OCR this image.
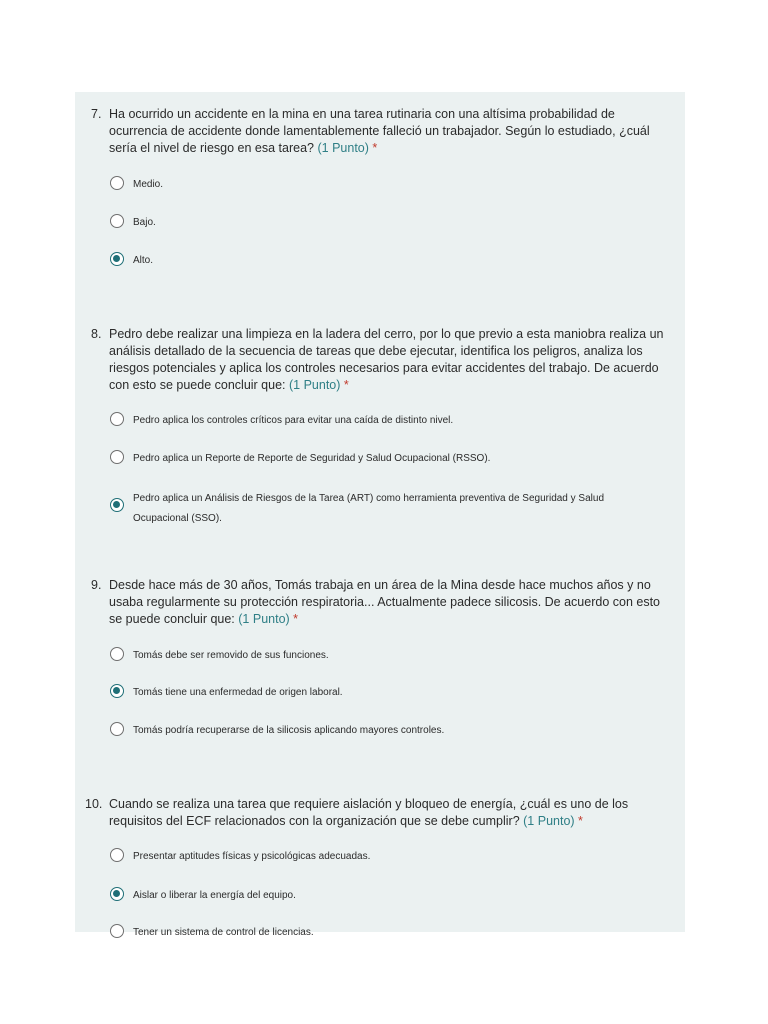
7. Ha ocurrido un accidente en la mina en una tarea rutinaria con una altísima probabilidad de ocurrencia de accidente donde lamentablemente falleció un trabajador. Según lo estudiado, ¿cuál sería el nivel de riesgo en esa tarea? (1 Punto) *
Medio.
Bajo.
Alto.
8. Pedro debe realizar una limpieza en la ladera del cerro, por lo que previo a esta maniobra realiza un análisis detallado de la secuencia de tareas que debe ejecutar, identifica los peligros, analiza los riesgos potenciales y aplica los controles necesarios para evitar accidentes del trabajo. De acuerdo con esto se puede concluir que: (1 Punto) *
Pedro aplica los controles críticos para evitar una caída de distinto nivel.
Pedro aplica un Reporte de Reporte de Seguridad y Salud Ocupacional (RSSO).
Pedro aplica un Análisis de Riesgos de la Tarea (ART) como herramienta preventiva de Seguridad y Salud Ocupacional (SSO).
9. Desde hace más de 30 años, Tomás trabaja en un área de la Mina desde hace muchos años y no usaba regularmente su protección respiratoria... Actualmente padece silicosis. De acuerdo con esto se puede concluir que: (1 Punto) *
Tomás debe ser removido de sus funciones.
Tomás tiene una enfermedad de origen laboral.
Tomás podría recuperarse de la silicosis aplicando mayores controles.
10. Cuando se realiza una tarea que requiere aislación y bloqueo de energía, ¿cuál es uno de los requisitos del ECF relacionados con la organización que se debe cumplir? (1 Punto) *
Presentar aptitudes físicas y psicológicas adecuadas.
Aislar o liberar la energía del equipo.
Tener un sistema de control de licencias.
